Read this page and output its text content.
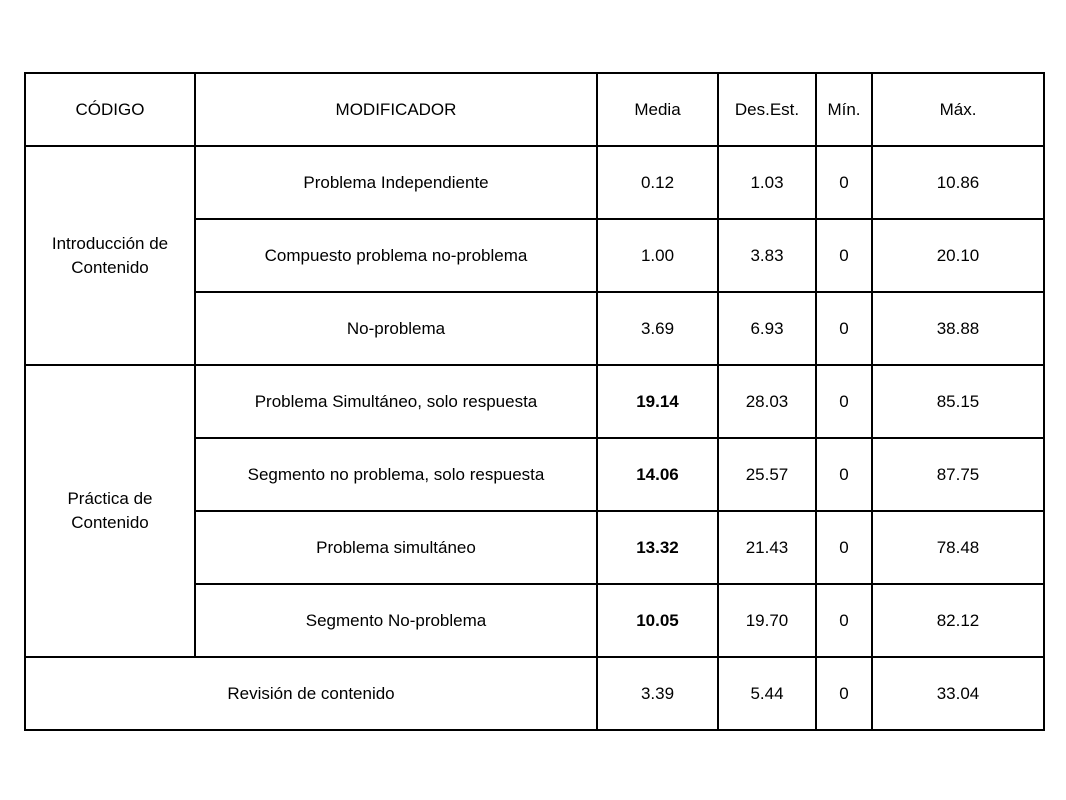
CÓDIGO	MODIFICADOR	Media	Des.Est.	Mín.	Máx.
Introducción de Contenido	Problema Independiente	0.12	1.03	0	10.86
	Compuesto problema no-problema	1.00	3.83	0	20.10
	No-problema	3.69	6.93	0	38.88
Práctica de Contenido	Problema Simultáneo, solo respuesta	19.14	28.03	0	85.15
	Segmento no problema, solo respuesta	14.06	25.57	0	87.75
	Problema simultáneo	13.32	21.43	0	78.48
	Segmento No-problema	10.05	19.70	0	82.12
Revisión de contenido		3.39	5.44	0	33.04
